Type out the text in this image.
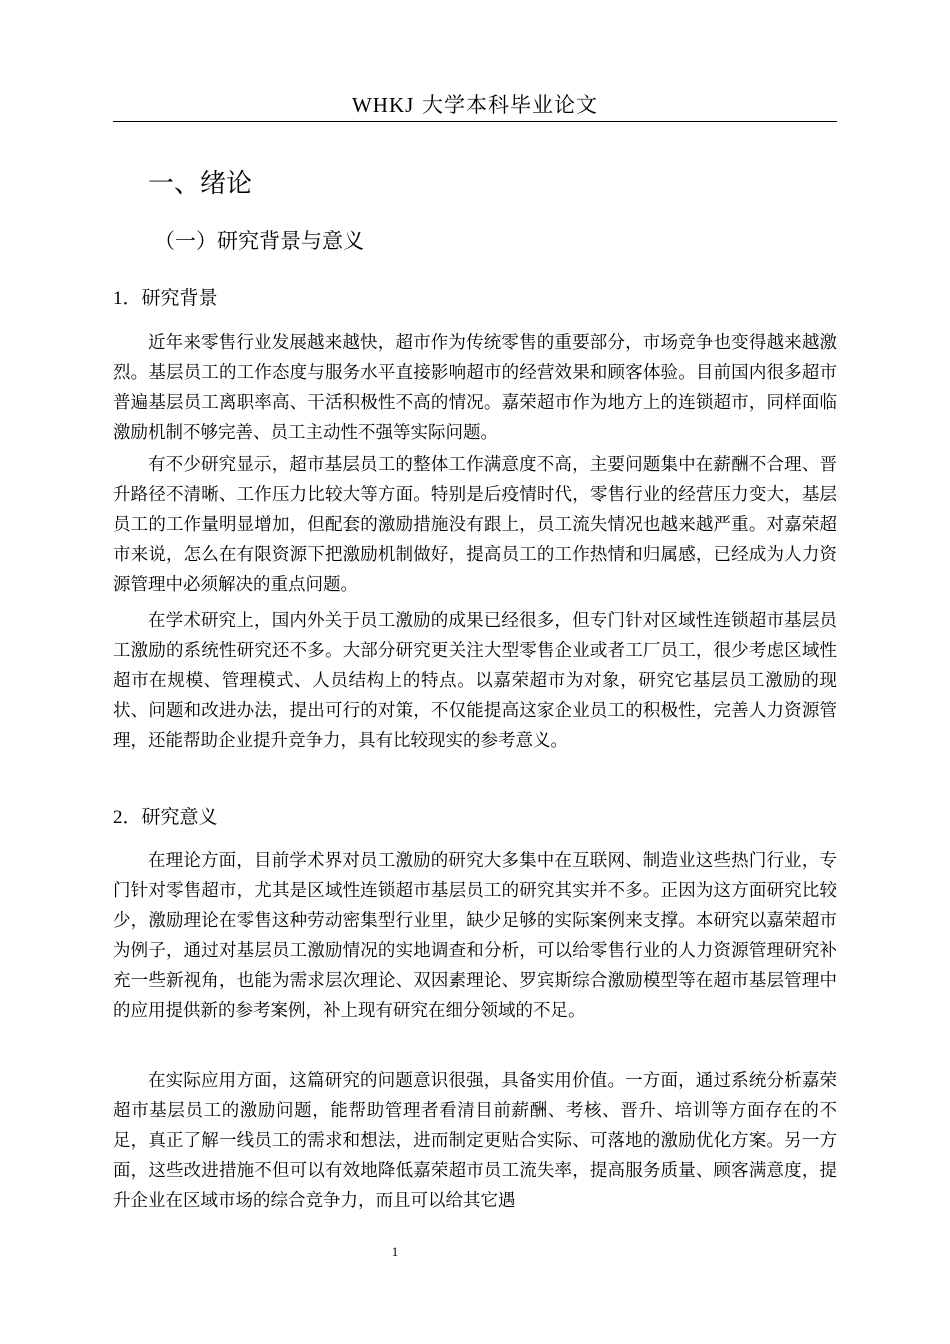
WHKJ 大学本科毕业论文
一、绪论
（一）研究背景与意义
1．研究背景

近年来零售行业发展越来越快，超市作为传统零售的重要部分，市场竞争也变得越来越激烈。基层员工的工作态度与服务水平直接影响超市的经营效果和顾客体验。目前国内很多超市普遍基层员工离职率高、干活积极性不高的情况。嘉荣超市作为地方上的连锁超市，同样面临激励机制不够完善、员工主动性不强等实际问题。

有不少研究显示，超市基层员工的整体工作满意度不高，主要问题集中在薪酬不合理、晋升路径不清晰、工作压力比较大等方面。特别是后疫情时代，零售行业的经营压力变大，基层员工的工作量明显增加，但配套的激励措施没有跟上，员工流失情况也越来越严重。对嘉荣超市来说，怎么在有限资源下把激励机制做好，提高员工的工作热情和归属感，已经成为人力资源管理中必须解决的重点问题。

在学术研究上，国内外关于员工激励的成果已经很多，但专门针对区域性连锁超市基层员工激励的系统性研究还不多。大部分研究更关注大型零售企业或者工厂员工，很少考虑区域性超市在规模、管理模式、人员结构上的特点。以嘉荣超市为对象，研究它基层员工激励的现状、问题和改进办法，提出可行的对策，不仅能提高这家企业员工的积极性，完善人力资源管理，还能帮助企业提升竞争力，具有比较现实的参考意义。

2．研究意义

在理论方面，目前学术界对员工激励的研究大多集中在互联网、制造业这些热门行业，专门针对零售超市，尤其是区域性连锁超市基层员工的研究其实并不多。正因为这方面研究比较少，激励理论在零售这种劳动密集型行业里，缺少足够的实际案例来支撑。本研究以嘉荣超市为例子，通过对基层员工激励情况的实地调查和分析，可以给零售行业的人力资源管理研究补充一些新视角，也能为需求层次理论、双因素理论、罗宾斯综合激励模型等在超市基层管理中的应用提供新的参考案例，补上现有研究在细分领域的不足。

在实际应用方面，这篇研究的问题意识很强，具备实用价值。一方面，通过系统分析嘉荣超市基层员工的激励问题，能帮助管理者看清目前薪酬、考核、晋升、培训等方面存在的不足，真正了解一线员工的需求和想法，进而制定更贴合实际、可落地的激励优化方案。另一方面，这些改进措施不但可以有效地降低嘉荣超市员工流失率，提高服务质量、顾客满意度，提升企业在区域市场的综合竞争力，而且可以给其它遇

1
